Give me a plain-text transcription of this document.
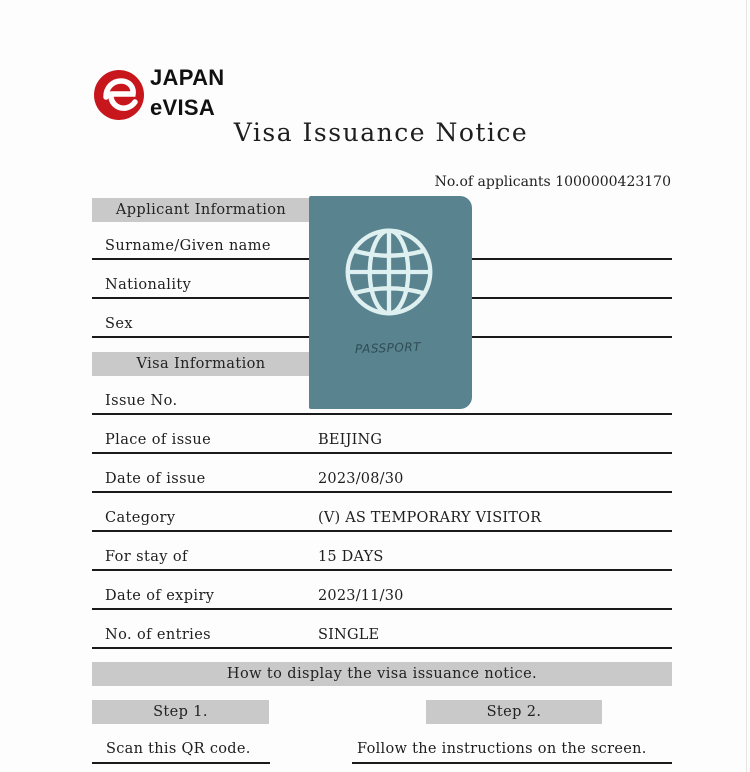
JAPAN
eVISA
Visa Issuance Notice
No.of applicants 1000000423170
Applicant Information
Surname/Given name
Nationality
Sex
Visa Information
Issue No.
Place of issue	BEIJING
Date of issue	2023/08/30
Category	(V) AS TEMPORARY VISITOR
For stay of	15 DAYS
Date of expiry	2023/11/30
No. of entries	SINGLE
PASSPORT
How to display the visa issuance notice.
Step 1.	Step 2.
Scan this QR code.	Follow the instructions on the screen.
